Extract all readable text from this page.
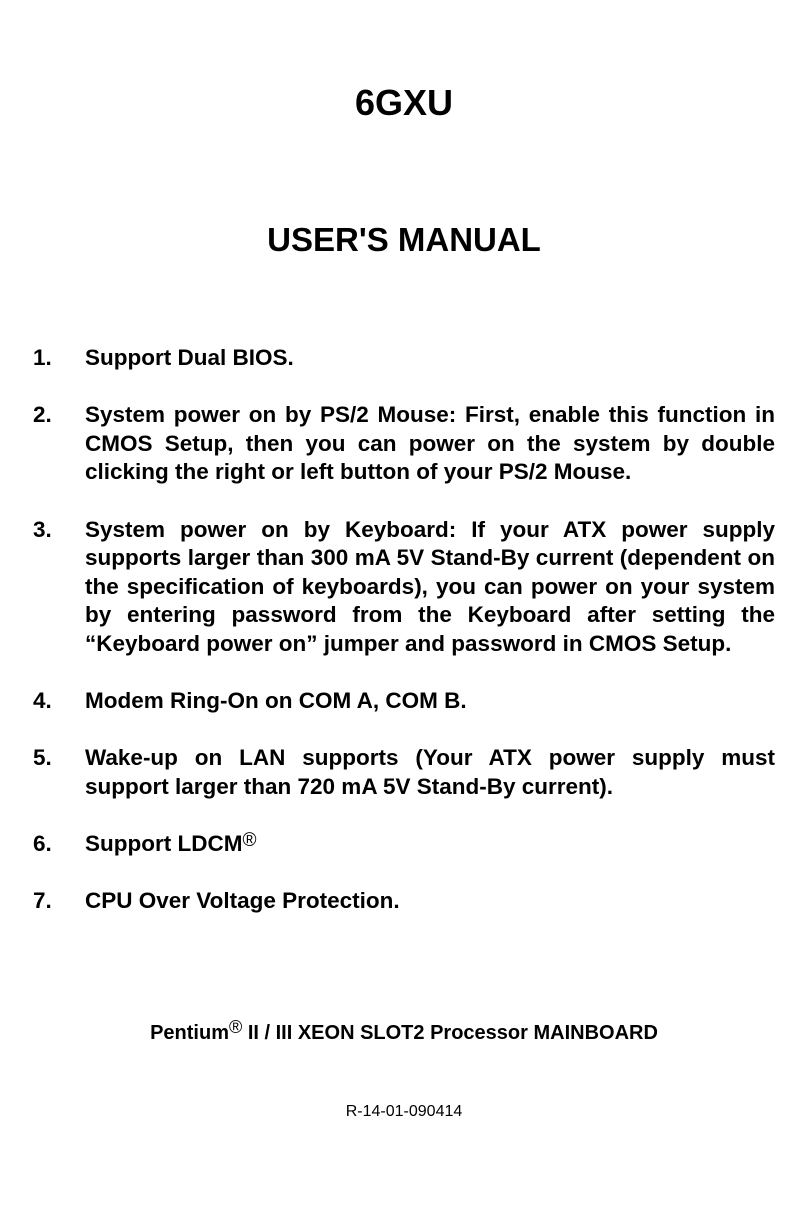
6GXU
USER'S MANUAL
1. Support Dual BIOS.
2. System power on by PS/2 Mouse: First, enable this function in CMOS Setup, then you can power on the system by double clicking the right or left button of your PS/2 Mouse.
3. System power on by Keyboard: If your ATX power supply supports larger than 300 mA 5V Stand-By current (dependent on the specification of keyboards), you can power on your system by entering password from the Keyboard after setting the “Keyboard power on” jumper and password in CMOS Setup.
4. Modem Ring-On on COM A, COM B.
5. Wake-up on LAN supports (Your ATX power supply must support larger than 720 mA 5V Stand-By current).
6. Support LDCM®
7. CPU Over Voltage Protection.
Pentium® II / III XEON SLOT2 Processor MAINBOARD
R-14-01-090414
